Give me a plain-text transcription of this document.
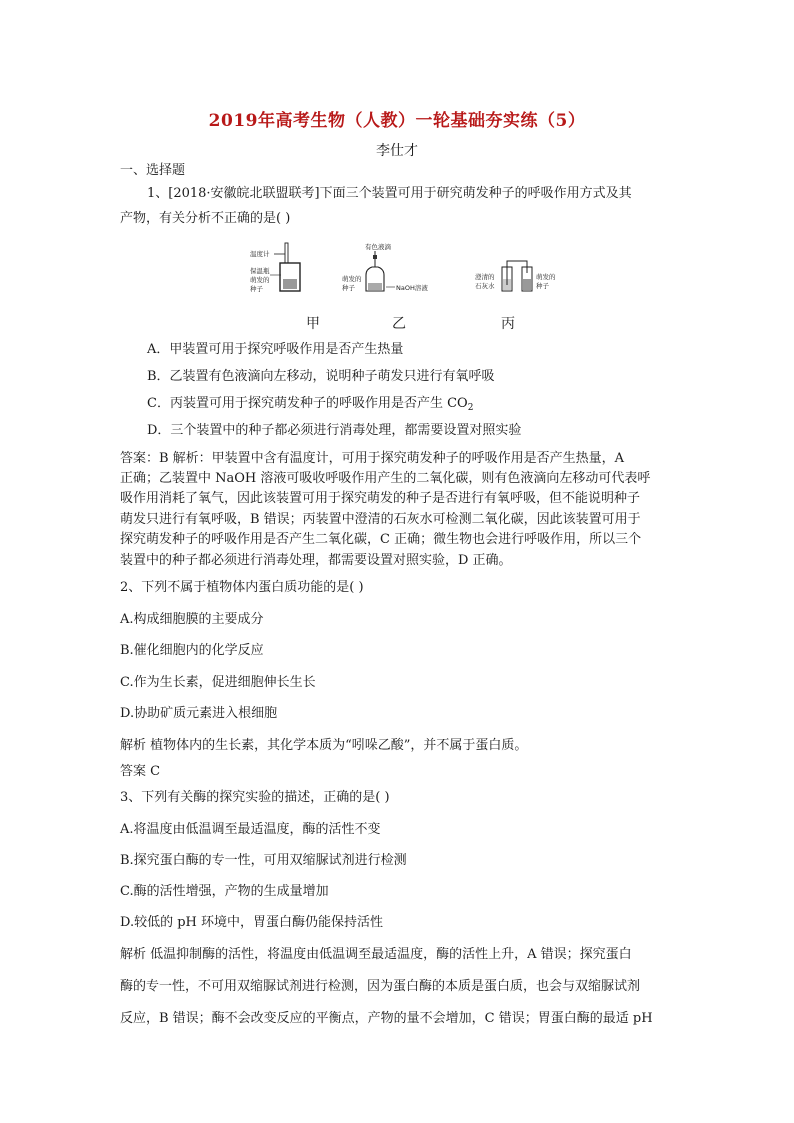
2019年高考生物（人教）一轮基础夯实练（5）
李仕才
一、选择题
1、[2018·安徽皖北联盟联考]下面三个装置可用于研究萌发种子的呼吸作用方式及其
产物，有关分析不正确的是( )
温度计
保温瓶
萌发的
种子
有色液滴
萌发的
种子	NaOH溶液
澄清的
石灰水
萌发的
种子
甲	乙	丙
A．甲装置可用于探究呼吸作用是否产生热量
B．乙装置有色液滴向左移动，说明种子萌发只进行有氧呼吸
C．丙装置可用于探究萌发种子的呼吸作用是否产生 $CO_2$
D．三个装置中的种子都必须进行消毒处理，都需要设置对照实验
答案：B 解析：甲装置中含有温度计，可用于探究萌发种子的呼吸作用是否产生热量，A
正确；乙装置中 NaOH 溶液可吸收呼吸作用产生的二氧化碳，则有色液滴向左移动可代表呼
吸作用消耗了氧气，因此该装置可用于探究萌发的种子是否进行有氧呼吸，但不能说明种子
萌发只进行有氧呼吸，B 错误；丙装置中澄清的石灰水可检测二氧化碳，因此该装置可用于
探究萌发种子的呼吸作用是否产生二氧化碳，C 正确；微生物也会进行呼吸作用，所以三个
装置中的种子都必须进行消毒处理，都需要设置对照实验，D 正确。
2、下列不属于植物体内蛋白质功能的是( )
A.构成细胞膜的主要成分
B.催化细胞内的化学反应
C.作为生长素，促进细胞伸长生长
D.协助矿质元素进入根细胞
解析 植物体内的生长素，其化学本质为“吲哚乙酸”，并不属于蛋白质。
答案 C
3、下列有关酶的探究实验的描述，正确的是( )
A.将温度由低温调至最适温度，酶的活性不变
B.探究蛋白酶的专一性，可用双缩脲试剂进行检测
C.酶的活性增强，产物的生成量增加
D.较低的 pH 环境中，胃蛋白酶仍能保持活性
解析 低温抑制酶的活性，将温度由低温调至最适温度，酶的活性上升，A 错误；探究蛋白
酶的专一性，不可用双缩脲试剂进行检测，因为蛋白酶的本质是蛋白质，也会与双缩脲试剂
反应，B 错误；酶不会改变反应的平衡点，产物的量不会增加，C 错误；胃蛋白酶的最适 pH
